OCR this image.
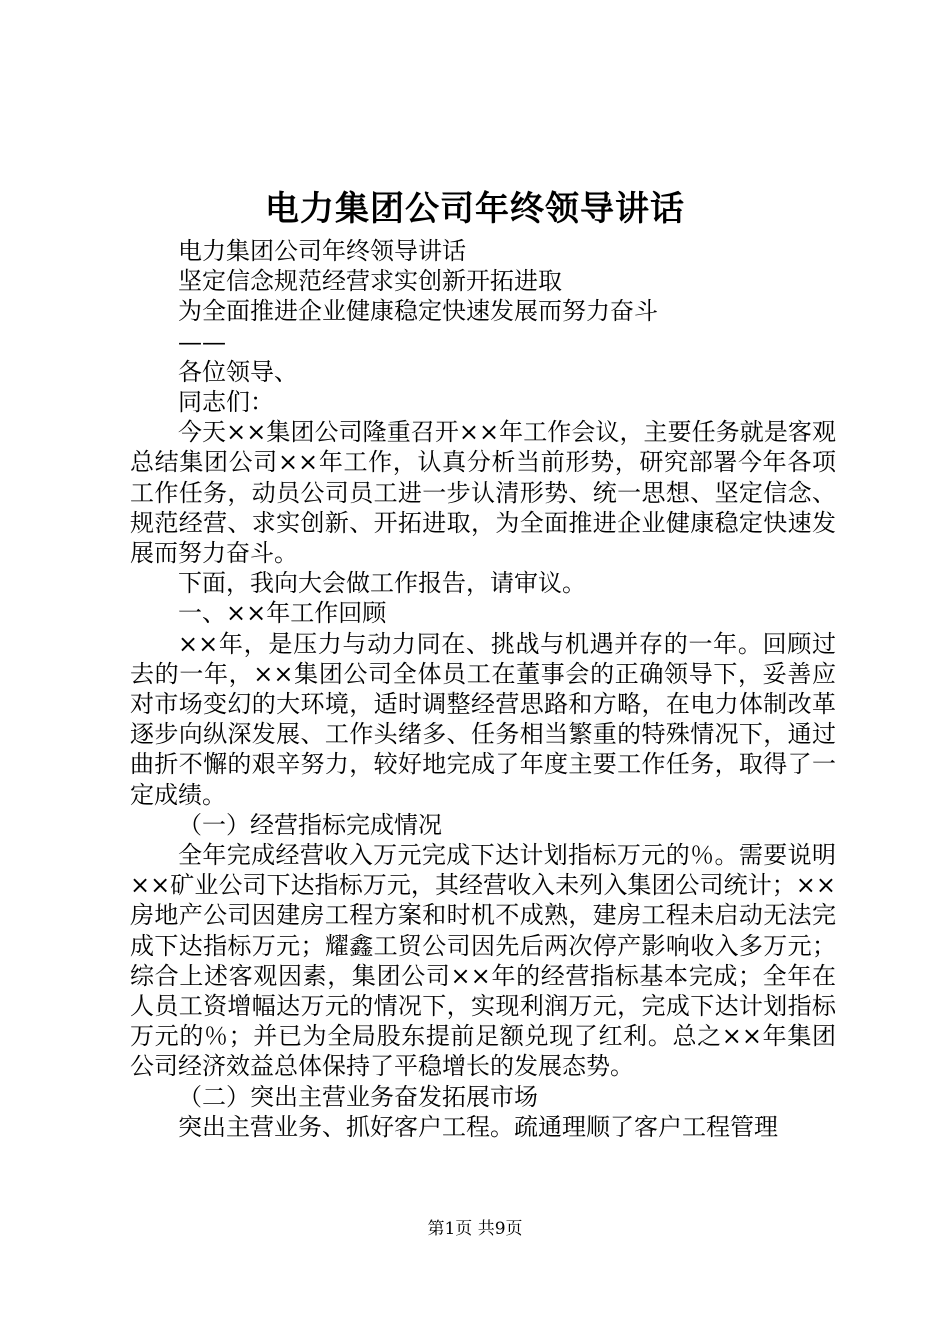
电力集团公司年终领导讲话

电力集团公司年终领导讲话

坚定信念规范经营求实创新开拓进取

为全面推进企业健康稳定快速发展而努力奋斗

——

各位领导、

同志们：

今天××集团公司隆重召开××年工作会议，主要任务就是客观总结集团公司××年工作，认真分析当前形势，研究部署今年各项工作任务，动员公司员工进一步认清形势、统一思想、坚定信念、规范经营、求实创新、开拓进取，为全面推进企业健康稳定快速发展而努力奋斗。

下面，我向大会做工作报告，请审议。

一、××年工作回顾

××年，是压力与动力同在、挑战与机遇并存的一年。回顾过去的一年，××集团公司全体员工在董事会的正确领导下，妥善应对市场变幻的大环境，适时调整经营思路和方略，在电力体制改革逐步向纵深发展、工作头绪多、任务相当繁重的特殊情况下，通过曲折不懈的艰辛努力，较好地完成了年度主要工作任务，取得了一定成绩。

（一）经营指标完成情况

全年完成经营收入万元完成下达计划指标万元的％。需要说明××矿业公司下达指标万元，其经营收入未列入集团公司统计；××房地产公司因建房工程方案和时机不成熟，建房工程未启动无法完成下达指标万元；耀鑫工贸公司因先后两次停产影响收入多万元；综合上述客观因素，集团公司××年的经营指标基本完成；全年在人员工资增幅达万元的情况下，实现利润万元，完成下达计划指标万元的％；并已为全局股东提前足额兑现了红利。总之××年集团公司经济效益总体保持了平稳增长的发展态势。

（二）突出主营业务奋发拓展市场

突出主营业务、抓好客户工程。疏通理顺了客户工程管理

第1页 共9页
